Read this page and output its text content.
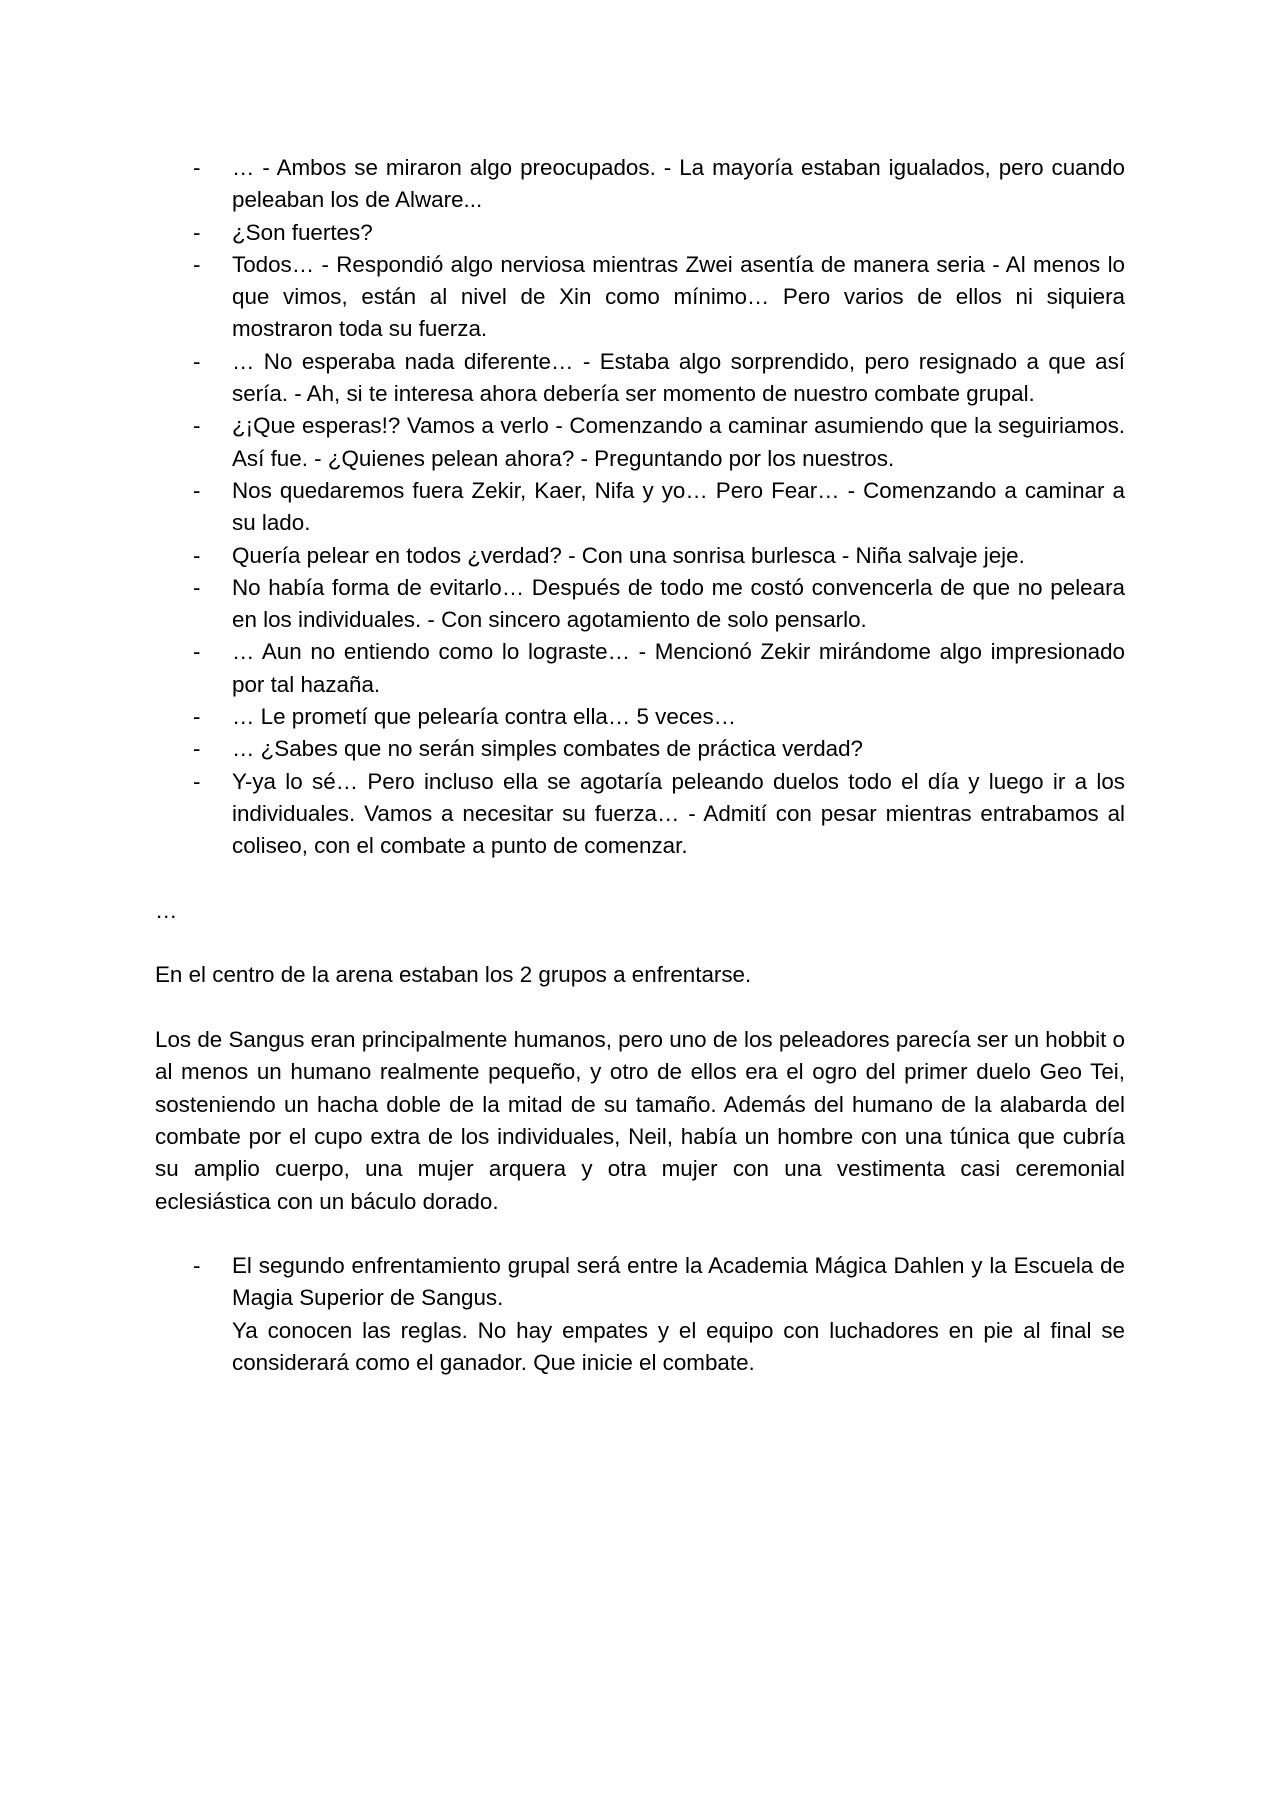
- … - Ambos se miraron algo preocupados. - La mayoría estaban igualados, pero cuando peleaban los de Alware...
- ¿Son fuertes?
- Todos… - Respondió algo nerviosa mientras Zwei asentía de manera seria - Al menos lo que vimos, están al nivel de Xin como mínimo… Pero varios de ellos ni siquiera mostraron toda su fuerza.
- … No esperaba nada diferente… - Estaba algo sorprendido, pero resignado a que así sería. - Ah, si te interesa ahora debería ser momento de nuestro combate grupal.
- ¿¡Que esperas!? Vamos a verlo - Comenzando a caminar asumiendo que la seguiriamos. Así fue. - ¿Quienes pelean ahora? - Preguntando por los nuestros.
- Nos quedaremos fuera Zekir, Kaer, Nifa y yo… Pero Fear… - Comenzando a caminar a su lado.
- Quería pelear en todos ¿verdad? - Con una sonrisa burlesca - Niña salvaje jeje.
- No había forma de evitarlo… Después de todo me costó convencerla de que no peleara en los individuales. - Con sincero agotamiento de solo pensarlo.
- … Aun no entiendo como lo lograste… - Mencionó Zekir mirándome algo impresionado por tal hazaña.
- … Le prometí que pelearía contra ella… 5 veces…
- … ¿Sabes que no serán simples combates de práctica verdad?
- Y-ya lo sé… Pero incluso ella se agotaría peleando duelos todo el día y luego ir a los individuales. Vamos a necesitar su fuerza… - Admití con pesar mientras entrabamos al coliseo, con el combate a punto de comenzar.

…

En el centro de la arena estaban los 2 grupos a enfrentarse.

Los de Sangus eran principalmente humanos, pero uno de los peleadores parecía ser un hobbit o al menos un humano realmente pequeño, y otro de ellos era el ogro del primer duelo Geo Tei, sosteniendo un hacha doble de la mitad de su tamaño. Además del humano de la alabarda del combate por el cupo extra de los individuales, Neil, había un hombre con una túnica que cubría su amplio cuerpo, una mujer arquera y otra mujer con una vestimenta casi ceremonial eclesiástica con un báculo dorado.

- El segundo enfrentamiento grupal será entre la Academia Mágica Dahlen y la Escuela de Magia Superior de Sangus.
Ya conocen las reglas. No hay empates y el equipo con luchadores en pie al final se considerará como el ganador. Que inicie el combate.
